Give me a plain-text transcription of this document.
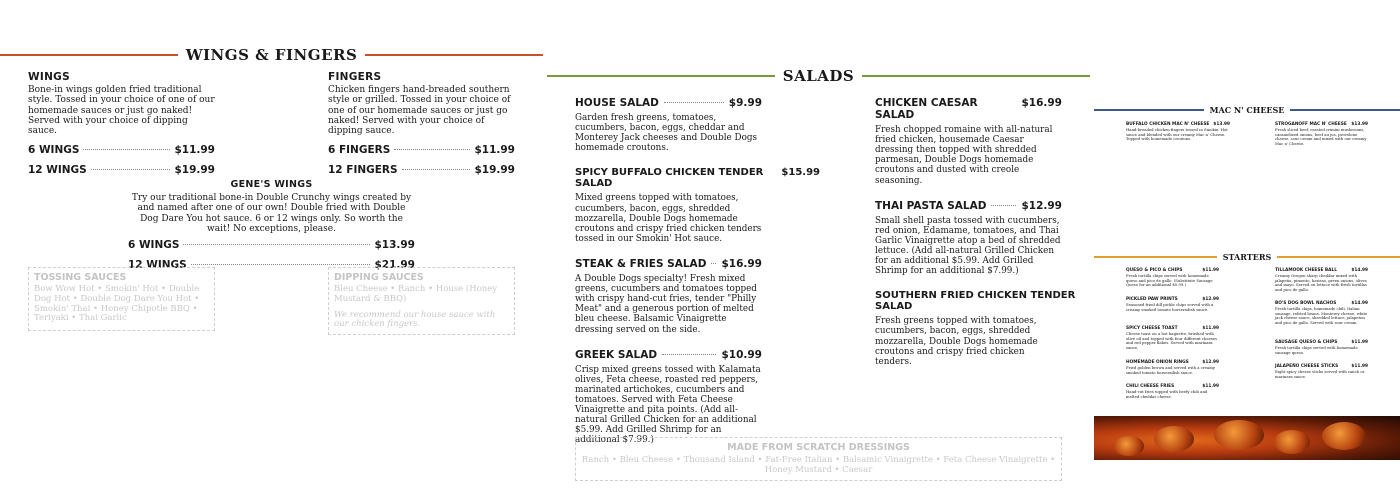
WINGS & FINGERS
WINGS
Bone-in wings golden fried traditional style. Tossed in your choice of one of our homemade sauces or just go naked! Served with your choice of dipping sauce.
6 WINGS	$11.99
12 WINGS	$19.99
FINGERS
Chicken fingers hand-breaded southern style or grilled. Tossed in your choice of one of our homemade sauces or just go naked! Served with your choice of dipping sauce.
6 FINGERS	$11.99
12 FINGERS	$19.99
GENE'S WINGS
Try our traditional bone-in Double Crunchy wings created by and named after one of our own! Double fried with Double Dog Dare You hot sauce. 6 or 12 wings only. So worth the wait! No exceptions, please.
6 WINGS	$13.99
12 WINGS	$21.99
TOSSING SAUCES
Bow Wow Hot • Smokin' Hot • Double Dog Hot • Double Dog Dare You Hot • Smokin' Thai • Honey Chipotle BBQ • Teriyaki • Thai Garlic
DIPPING SAUCES
Bleu Cheese • Ranch • House (Honey Mustard & BBQ)
We recommend our house sauce with our chicken fingers.
SALADS
HOUSE SALAD	$9.99
Garden fresh greens, tomatoes, cucumbers, bacon, eggs, cheddar and Monterey Jack cheeses and Double Dogs homemade croutons.
SPICY BUFFALO CHICKEN TENDER SALAD
$15.99
Mixed greens topped with tomatoes, cucumbers, bacon, eggs, shredded mozzarella, Double Dogs homemade croutons and crispy fried chicken tenders tossed in our Smokin' Hot sauce.
STEAK & FRIES SALAD $16.99
A Double Dogs specialty! Fresh mixed greens, cucumbers and tomatoes topped with crispy hand-cut fries, tender "Philly Meat" and a generous portion of melted bleu cheese. Balsamic Vinaigrette dressing served on the side.
GREEK SALAD	$10.99
Crisp mixed greens tossed with Kalamata olives, Feta cheese, roasted red peppers, marinated artichokes, cucumbers and tomatoes. Served with Feta Cheese Vinaigrette and pita points. (Add all-natural Grilled Chicken for an additional $5.99. Add Grilled Shrimp for an additional $7.99.)
CHICKEN CAESAR SALAD
$16.99
Fresh chopped romaine with all-natural fried chicken, housemade Caesar dressing then topped with shredded parmesan, Double Dogs homemade croutons and dusted with creole seasoning.
THAI PASTA SALAD	$12.99
Small shell pasta tossed with cucumbers, red onion, Edamame, tomatoes, and Thai Garlic Vinaigrette atop a bed of shredded lettuce. (Add all-natural Grilled Chicken for an additional $5.99. Add Grilled Shrimp for an additional $7.99.)
SOUTHERN FRIED CHICKEN TENDER SALAD
Fresh greens topped with tomatoes, cucumbers, bacon, eggs, shredded mozzarella, Double Dogs homemade croutons and crispy fried chicken tenders.
MADE FROM SCRATCH DRESSINGS
Ranch • Bleu Cheese • Thousand Island • Fat-Free Italian • Balsamic Vinaigrette • Feta Cheese Vinaigrette • Honey Mustard • Caesar
MAC N' CHEESE
BUFFALO CHICKEN MAC N' CHEESE $13.99
Hand-breaded chicken fingers tossed in Smokin' Hot sauce and blended with our creamy Mac n' Cheese. Topped with homemade croutons.
STROGANOFF MAC N' CHEESE $13.99
Fresh sliced beef, roasted crimini mushrooms, caramelized onions, beef au jus, provolone cheese, sour cream and mixed with our creamy Mac n' Cheese.
STARTERS
QUESO & PICO & CHIPS	$11.99
Fresh tortilla chips served with homemade queso and pico de gallo. (Substitute Sausage Queso for an additional $0.99.)
PICKLED PAW PRINTS	$12.99
Seasoned fried dill pickle chips served with a creamy smoked tomato horseradish sauce.
SPICY CHEESE TOAST	$11.99
Cheese toast on a hot baguette, brushed with olive oil and topped with four different cheeses and red pepper flakes. Served with marinara sauce.
HOMEMADE ONION RINGS	$12.99
Fried golden brown and served with a creamy smoked tomato horseradish sauce.
CHILI CHEESE FRIES	$11.99
Hand-cut fries topped with beefy chili and melted cheddar cheese.
TILLAMOOK CHEESE BALL	$14.99
Creamy Oregon sharp cheddar mixed with jalapeño, pimento, harissa, green onions, olives and mayo. Served on lettuce with fresh tortillas and pico de gallo.
BO'S DOG BOWL NACHOS	$14.99
Fresh tortilla chips, homemade chili, Italian sausage, refried beans, Monterey cheese, white jack cheese sauce, shredded lettuce, jalapeños and pico de gallo. Served with sour cream.
SAUSAGE QUESO & CHIPS	$11.99
Fresh tortilla chips served with homemade sausage queso.
JALAPEÑO CHEESE STICKS	$11.99
Eight spicy cheese sticks served with ranch or marinara sauce.
